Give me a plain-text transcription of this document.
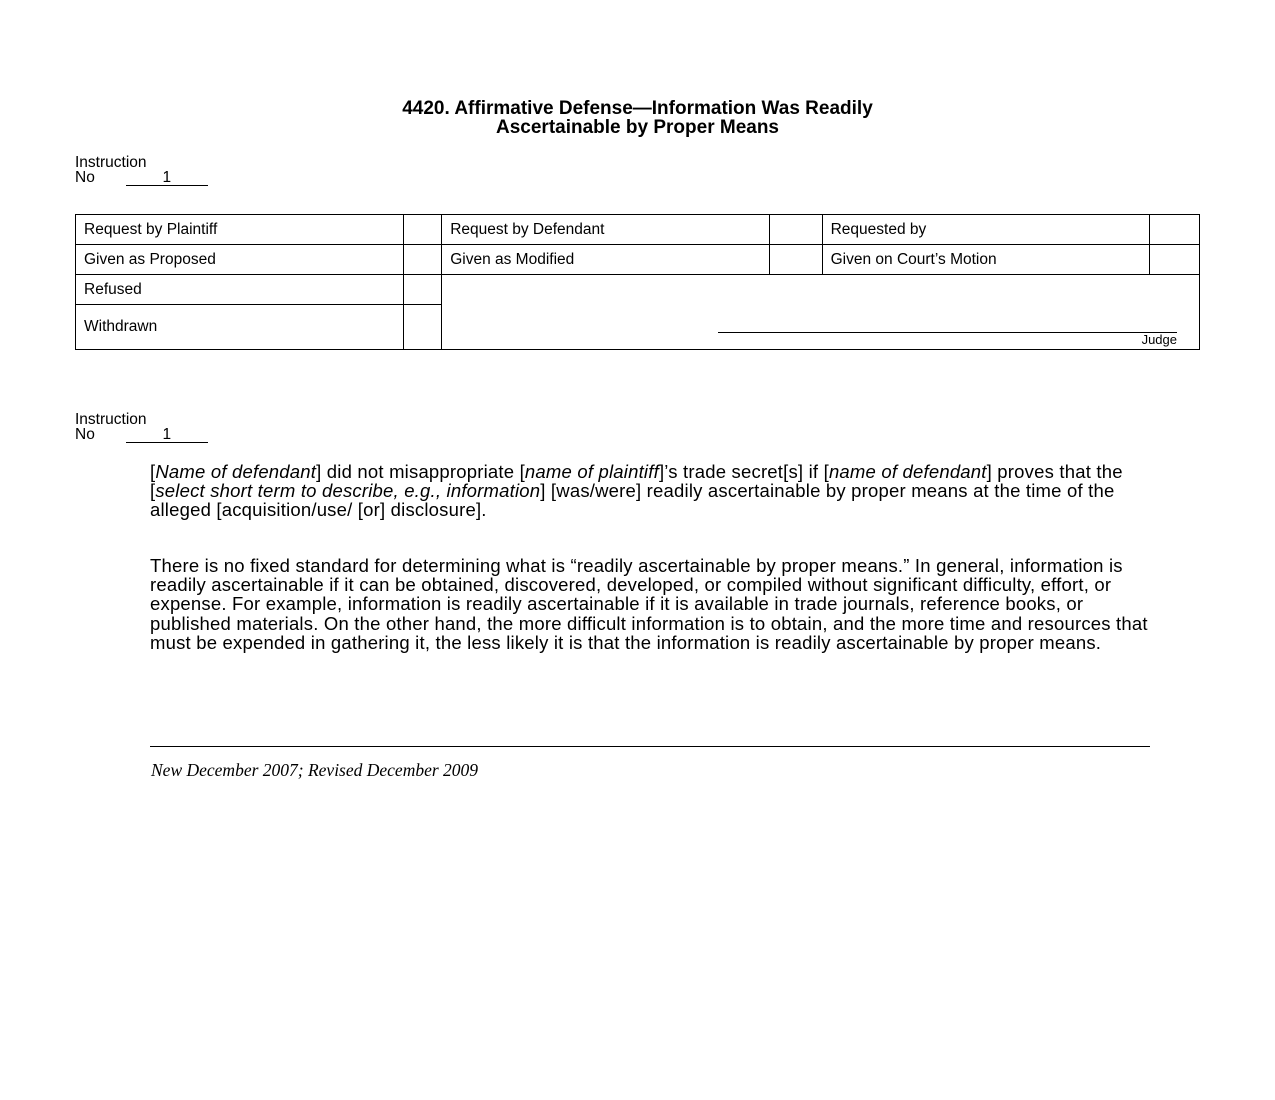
4420. Affirmative Defense—Information Was Readily
Ascertainable by Proper Means
Instruction
No	1
Request by Plaintiff		Request by Defendant		Requested by	
Given as Proposed		Given as Modified		Given on Court’s Motion	
Refused		Judge			

Withdrawn					
Instruction
No	1

[Name of defendant] did not misappropriate [name of plaintiff]’s trade secret[s] if [name of defendant] proves that the [select short term to describe, e.g., information] [was/were] readily ascertainable by proper means at the time of the alleged [acquisition/use/ [or] disclosure].

There is no fixed standard for determining what is “readily ascertainable by proper means.” In general, information is readily ascertainable if it can be obtained, discovered, developed, or compiled without significant difficulty, effort, or expense. For example, information is readily ascertainable if it is available in trade journals, reference books, or published materials. On the other hand, the more difficult information is to obtain, and the more time and resources that must be expended in gathering it, the less likely it is that the information is readily ascertainable by proper means.

New December 2007; Revised December 2009
